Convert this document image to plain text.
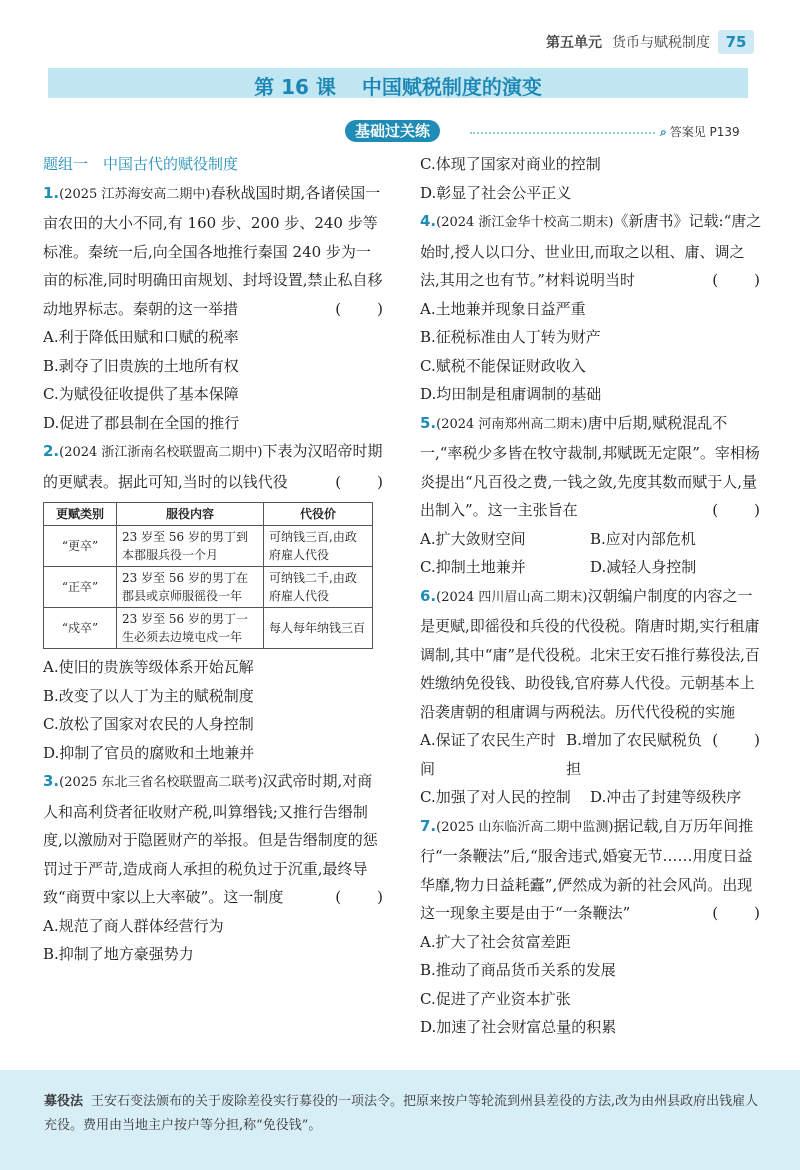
第五单元 货币与赋税制度	75
第 16 课 中国赋税制度的演变
基础过关练	⌕ 答案见 P139

题组一　中国古代的赋役制度

1.(2025 江苏海安高二期中)春秋战国时期,各诸侯国一亩农田的大小不同,有 160 步、200 步、240 步等标准。秦统一后,向全国各地推行秦国 240 步为一亩的标准,同时明确田亩规划、封埒设置,禁止私自移动地界标志。秦朝的这一举措	(　　)

A.利于降低田赋和口赋的税率

B.剥夺了旧贵族的土地所有权

C.为赋役征收提供了基本保障

D.促进了郡县制在全国的推行

2.(2024 浙江浙南名校联盟高二期中)下表为汉昭帝时期的更赋表。据此可知,当时的以钱代役	(　　)

更赋类别	服役内容	代役价
“更卒”	23 岁至 56 岁的男丁到本郡服兵役一个月	可纳钱三百,由政府雇人代役
“正卒”	23 岁至 56 岁的男丁在郡县或京师服徭役一年	可纳钱二千,由政府雇人代役
“戍卒”	23 岁至 56 岁的男丁一生必须去边境屯戍一年	每人每年纳钱三百

A.使旧的贵族等级体系开始瓦解

B.改变了以人丁为主的赋税制度

C.放松了国家对农民的人身控制

D.抑制了官员的腐败和土地兼并

3.(2025 东北三省名校联盟高二联考)汉武帝时期,对商人和高利贷者征收财产税,叫算缗钱;又推行告缗制度,以激励对于隐匿财产的举报。但是告缗制度的惩罚过于严苛,造成商人承担的税负过于沉重,最终导致“商贾中家以上大率破”。这一制度	(　　)

A.规范了商人群体经营行为

B.抑制了地方豪强势力

C.体现了国家对商业的控制

D.彰显了社会公平正义

4.(2024 浙江金华十校高二期末)《新唐书》记载:“唐之始时,授人以口分、世业田,而取之以租、庸、调之法,其用之也有节。”材料说明当时	(　　)

A.土地兼并现象日益严重

B.征税标准由人丁转为财产

C.赋税不能保证财政收入

D.均田制是租庸调制的基础

5.(2024 河南郑州高二期末)唐中后期,赋税混乱不一,“率税少多皆在牧守裁制,邦赋既无定限”。宰相杨炎提出“凡百役之费,一钱之敛,先度其数而赋于人,量出制入”。这一主张旨在	(　　)

A.扩大敛财空间	B.应对内部危机

C.抑制土地兼并	D.减轻人身控制

6.(2024 四川眉山高二期末)汉朝编户制度的内容之一是更赋,即徭役和兵役的代役税。隋唐时期,实行租庸调制,其中“庸”是代役税。北宋王安石推行募役法,百姓缴纳免役钱、助役钱,官府募人代役。元朝基本上沿袭唐朝的租庸调与两税法。历代代役税的实施
(　　)

A.保证了农民生产时间
B.增加了农民赋税负担

C.加强了对人民的控制	D.冲击了封建等级秩序

7.(2025 山东临沂高二期中监测)据记载,自万历年间推行“一条鞭法”后,“服舍违式,婚宴无节……用度日益华靡,物力日益耗蠹”,俨然成为新的社会风尚。出现这一现象主要是由于“一条鞭法”	(　　)

A.扩大了社会贫富差距

B.推动了商品货币关系的发展

C.促进了产业资本扩张

D.加速了社会财富总量的积累

募役法 王安石变法颁布的关于废除差役实行募役的一项法令。把原来按户等轮流到州县差役的方法,改为由州县政府出钱雇人充役。费用由当地主户按户等分担,称“免役钱”。
